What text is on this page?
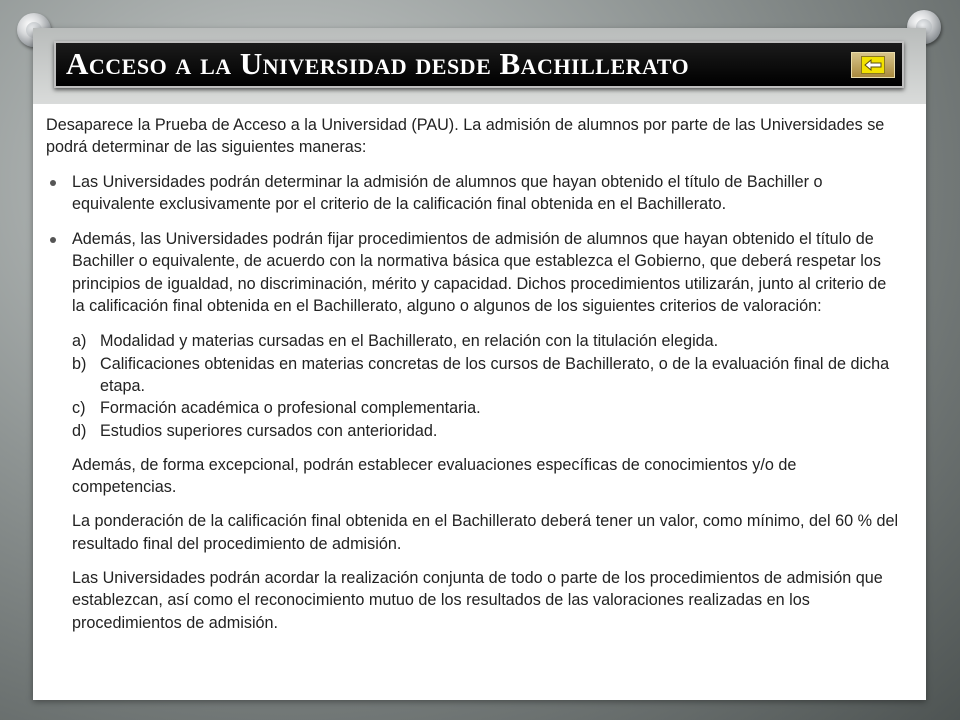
Acceso a la Universidad desde Bachillerato

Desaparece la Prueba de Acceso a la Universidad (PAU). La admisión de alumnos por parte de las Universidades se podrá determinar de las siguientes maneras:

Las Universidades podrán determinar la admisión de alumnos que hayan obtenido el título de Bachiller o equivalente exclusivamente por el criterio de la calificación final obtenida en el Bachillerato.
Además, las Universidades podrán fijar procedimientos de admisión de alumnos que hayan obtenido el título de Bachiller o equivalente, de acuerdo con la normativa básica que establezca el Gobierno, que deberá respetar los principios de igualdad, no discriminación, mérito y capacidad. Dichos procedimientos utilizarán, junto al criterio de la calificación final obtenida en el Bachillerato, alguno o algunos de los siguientes criterios de valoración:
a) Modalidad y materias cursadas en el Bachillerato, en relación con la titulación elegida.
b) Calificaciones obtenidas en materias concretas de los cursos de Bachillerato, o de la evaluación final de dicha etapa.
c) Formación académica o profesional complementaria.
d) Estudios superiores cursados con anterioridad.

Además, de forma excepcional, podrán establecer evaluaciones específicas de conocimientos y/o de competencias.

La ponderación de la calificación final obtenida en el Bachillerato deberá tener un valor, como mínimo, del 60 % del resultado final del procedimiento de admisión.

Las Universidades podrán acordar la realización conjunta de todo o parte de los procedimientos de admisión que establezcan, así como el reconocimiento mutuo de los resultados de las valoraciones realizadas en los procedimientos de admisión.
